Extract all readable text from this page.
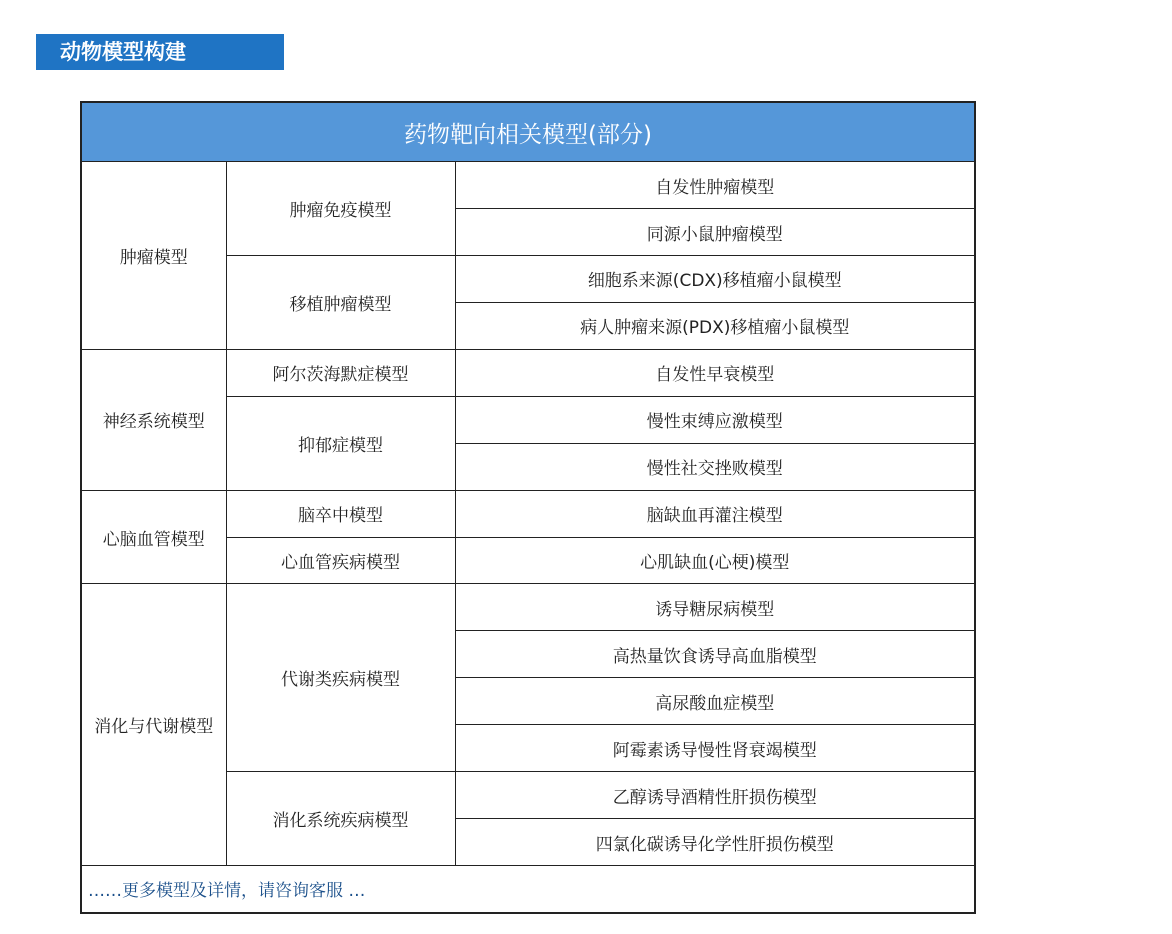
动物模型构建
药物靶向相关模型(部分)		
肿瘤模型	肿瘤免疫模型	自发性肿瘤模型
		同源小鼠肿瘤模型
	移植肿瘤模型	细胞系来源(CDX)移植瘤小鼠模型
		病人肿瘤来源(PDX)移植瘤小鼠模型
神经系统模型	阿尔茨海默症模型	自发性早衰模型
	抑郁症模型	慢性束缚应激模型
		慢性社交挫败模型
心脑血管模型	脑卒中模型	脑缺血再灌注模型
	心血管疾病模型	心肌缺血(心梗)模型
消化与代谢模型	代谢类疾病模型	诱导糖尿病模型
		高热量饮食诱导高血脂模型
		高尿酸血症模型
		阿霉素诱导慢性肾衰竭模型
	消化系统疾病模型	乙醇诱导酒精性肝损伤模型
		四氯化碳诱导化学性肝损伤模型
……更多模型及详情，请咨询客服 …		
